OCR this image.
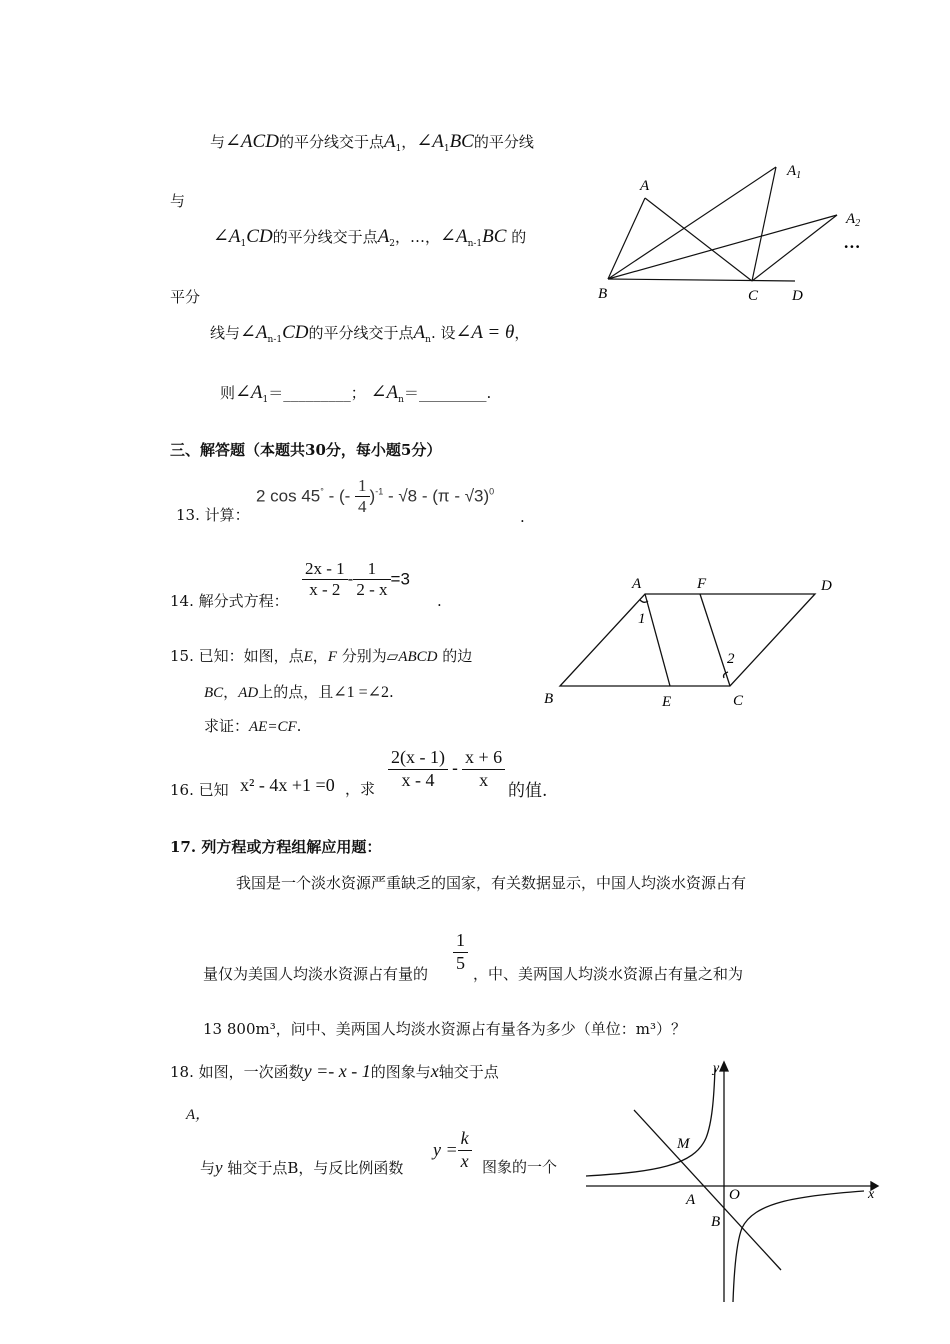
与∠ACD的平分线交于点$A_1$，$\angle A_1BC$的平分线
与
$\angle A_1CD$的平分线交于点$A_2$，…，$\angle A_{n-1}BC$ 的
平分
线与$\angle A_{n-1}CD$的平分线交于点$A_n$. 设∠A = θ，
则$\angle A_1=\_\_\_\_\_\_\_\_\_$； $\angle A_n=\_\_\_\_\_\_\_\_\_$.
A
$A_1$
$A_2$
…
B	C D
三、解答题（本题共30分，每小题5分）
13. 计算：
2 cos 45° - (- $\frac{1}{4} )^{-1} - √8 - (\pi - √3)^0$
.
14. 解分式方程：
$\frac{2x - 1}{x - 2} - \frac{1}{2 - x} =3$
.
15. 已知：如图，点E，F 分别为▱ABCD 的边
BC，AD上的点，且∠1 =∠2.
求证：AE=CF.
A	F	D
B	E	C
1
2
16. 已知 x² - 4x +1 =0 ，求 $\frac{2(x - 1)}{x - 4} - \frac{x + 6}{x}$ 的值.
17. 列方程或方程组解应用题：
我国是一个淡水资源严重缺乏的国家，有关数据显示，中国人均淡水资源占有
$\frac{1}{5}$
量仅为美国人均淡水资源占有量的	，中、美两国人均淡水资源占有量之和为
13 800m³，问中、美两国人均淡水资源占有量各为多少（单位：m³）？
18. 如图，一次函数y =- x - 1的图象与x轴交于点
A，
与y 轴交于点B，与反比例函数
$y = \frac{k}{x}$ 图象的一个
y
x
M
A O
B
